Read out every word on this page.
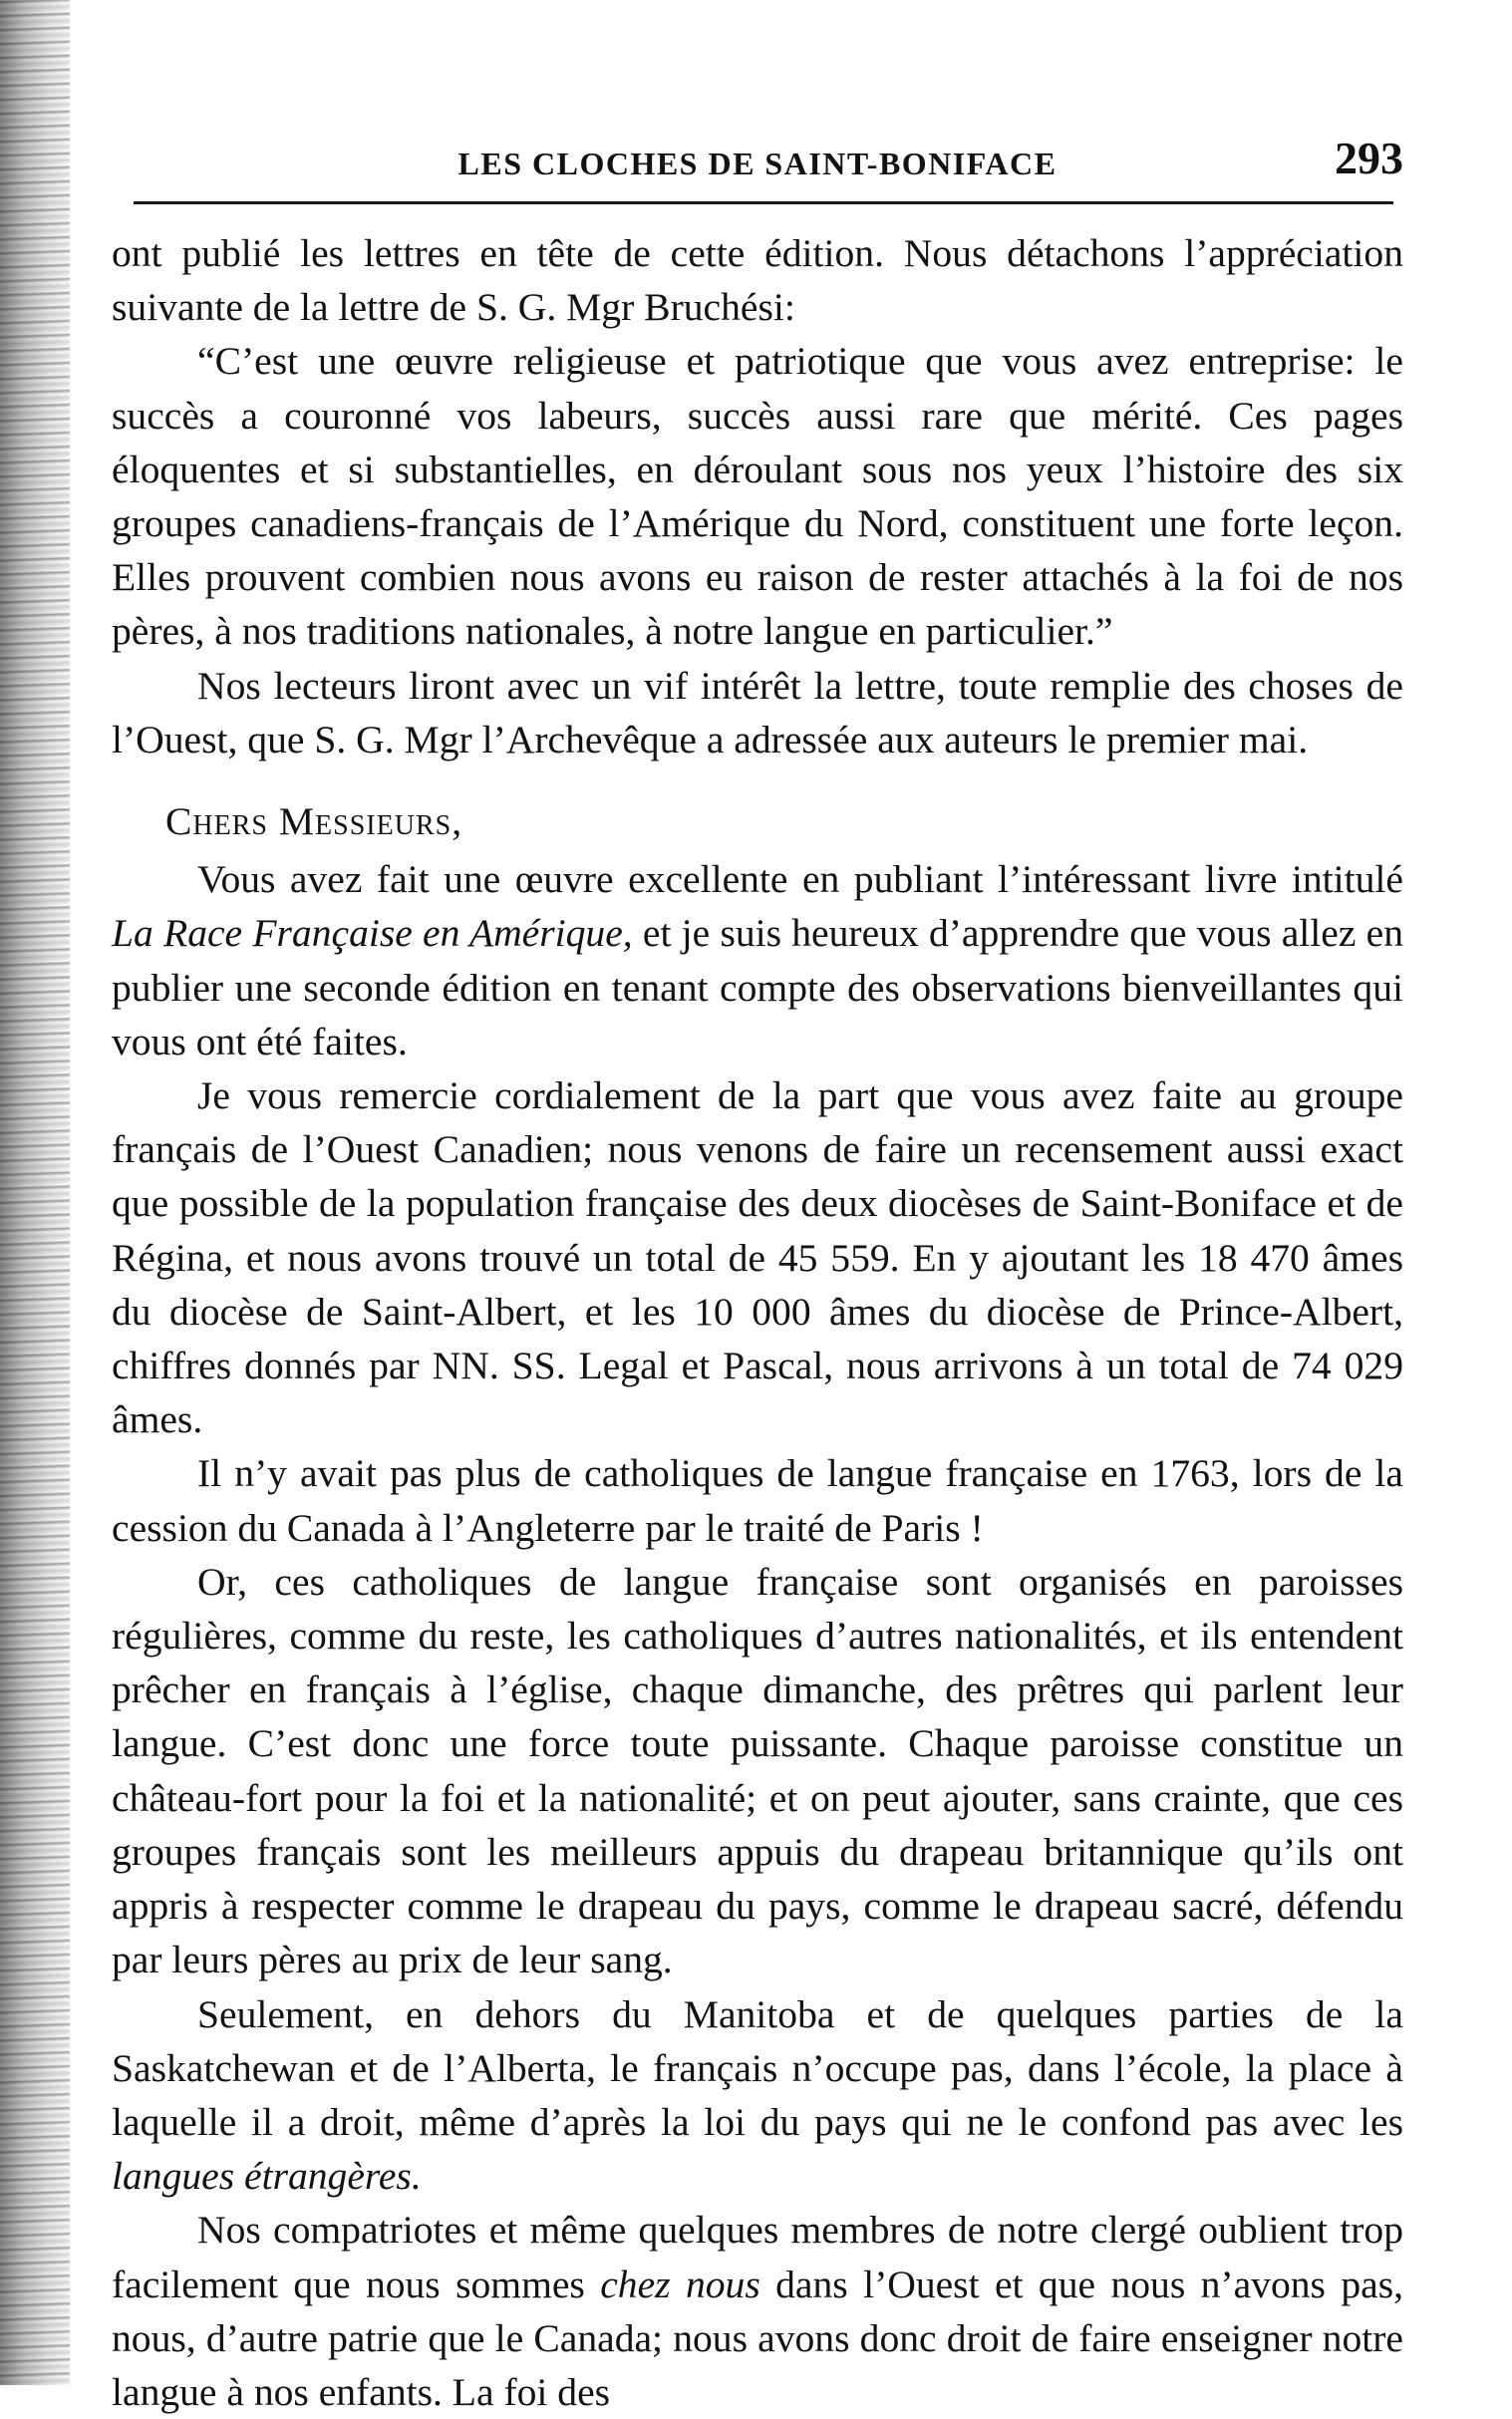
LES CLOCHES DE SAINT-BONIFACE	293

ont publié les lettres en tête de cette édition. Nous détachons l’appréciation suivante de la lettre de S. G. Mgr Bruchési:

“C’est une œuvre religieuse et patriotique que vous avez entreprise: le succès a couronné vos labeurs, succès aussi rare que mérité. Ces pages éloquentes et si substantielles, en déroulant sous nos yeux l’histoire des six groupes canadiens-français de l’Amérique du Nord, constituent une forte leçon. Elles prouvent combien nous avons eu raison de rester attachés à la foi de nos pères, à nos traditions nationales, à notre langue en particulier.”

Nos lecteurs liront avec un vif intérêt la lettre, toute remplie des choses de l’Ouest, que S. G. Mgr l’Archevêque a adressée aux auteurs le premier mai.

Chers Messieurs,

Vous avez fait une œuvre excellente en publiant l’intéressant livre intitulé La Race Française en Amérique, et je suis heureux d’apprendre que vous allez en publier une seconde édition en tenant compte des observations bienveillantes qui vous ont été faites.

Je vous remercie cordialement de la part que vous avez faite au groupe français de l’Ouest Canadien; nous venons de faire un recensement aussi exact que possible de la population française des deux diocèses de Saint-Boniface et de Régina, et nous avons trouvé un total de 45 559. En y ajoutant les 18 470 âmes du diocèse de Saint-Albert, et les 10 000 âmes du diocèse de Prince-Albert, chiffres donnés par NN. SS. Legal et Pascal, nous arrivons à un total de 74 029 âmes.

Il n’y avait pas plus de catholiques de langue française en 1763, lors de la cession du Canada à l’Angleterre par le traité de Paris !

Or, ces catholiques de langue française sont organisés en paroisses régulières, comme du reste, les catholiques d’autres nationalités, et ils entendent prêcher en français à l’église, chaque dimanche, des prêtres qui parlent leur langue. C’est donc une force toute puissante. Chaque paroisse constitue un château-fort pour la foi et la nationalité; et on peut ajouter, sans crainte, que ces groupes français sont les meilleurs appuis du drapeau britannique qu’ils ont appris à respecter comme le drapeau du pays, comme le drapeau sacré, défendu par leurs pères au prix de leur sang.

Seulement, en dehors du Manitoba et de quelques parties de la Saskatchewan et de l’Alberta, le français n’occupe pas, dans l’école, la place à laquelle il a droit, même d’après la loi du pays qui ne le confond pas avec les langues étrangères.

Nos compatriotes et même quelques membres de notre clergé oublient trop facilement que nous sommes chez nous dans l’Ouest et que nous n’avons pas, nous, d’autre patrie que le Canada; nous avons donc droit de faire enseigner notre langue à nos enfants. La foi des
